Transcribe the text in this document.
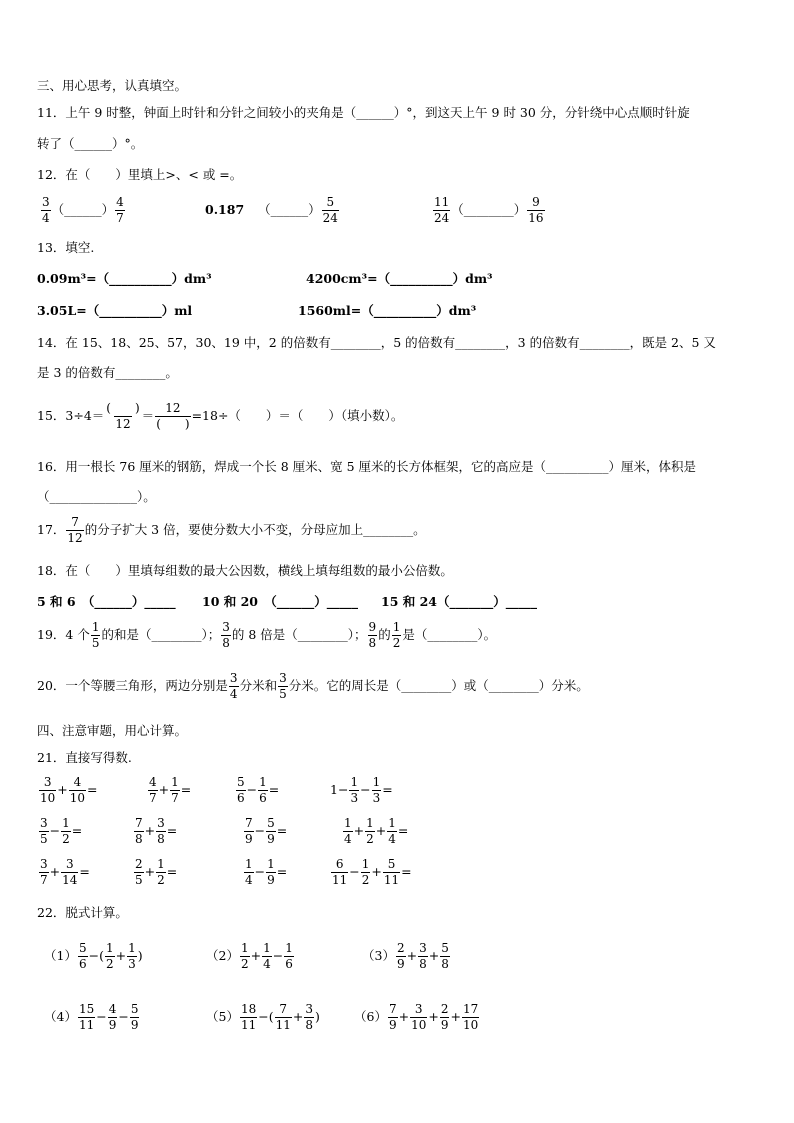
三、用心思考，认真填空。
11．上午 9 时整，钟面上时针和分针之间较小的夹角是（______）°，到这天上午 9 时 30 分，分针绕中心点顺时针旋
转了（______）°。
12．在（　　）里填上>、< 或 =。
$\frac{3}{4}$ （______） $\frac{4}{7}$	0.187 （______） $\frac{5}{24}$	$\frac{11}{24}$ （________） $\frac{9}{16}$
13．填空.
0.09m³=（__________）dm³	4200cm³=（__________）dm³
3.05L=（__________）ml	1560ml=（__________）dm³
14．在 15、18、25、57，30、19 中，2 的倍数有________，5 的倍数有________，3 的倍数有________，既是 2、5 又
是 3 的倍数有________。
15．$3\div 4= \frac{( )}{12} = \frac{12}{( )} =18\div$（　　）＝（　　）（填小数）。
16．用一根长 76 厘米的钢筋，焊成一个长 8 厘米、宽 5 厘米的长方体框架，它的高应是（__________）厘米，体积是
（______________）。
17． $\frac{7}{12}$ 的分子扩大 3 倍，要使分数大小不变，分母应加上________。
18．在（　　）里填每组数的最大公因数，横线上填每组数的最小公倍数。
5 和 6　（______）_____ 10 和 20　（______）_____ 15 和 24（_______）_____
19．4 个 $\frac{1}{5}$ 的和是（________）； $\frac{3}{8}$ 的 8 倍是（________）； $\frac{9}{8}$ 的 $\frac{1}{2}$ 是（________）。
20．一个等腰三角形，两边分别是 $\frac{3}{4}$ 分米和 $\frac{3}{5}$ 分米。它的周长是（________）或（________）分米。
四、注意审题，用心计算。
21．直接写得数.
$\frac{3}{10} + \frac{4}{10}$ =	$\frac{4}{7} + \frac{1}{7}$ =	$\frac{5}{6} - \frac{1}{6}$ =	$1- \frac{1}{3} - \frac{1}{3}$ =
$\frac{3}{5} - \frac{1}{2}$ =	$\frac{7}{8} + \frac{3}{8}$ =	$\frac{7}{9} - \frac{5}{9}$ =	$\frac{1}{4} + \frac{1}{2} + \frac{1}{4}$ =
$\frac{3}{7} + \frac{3}{14}$ =	$\frac{2}{5} + \frac{1}{2}$ =	$\frac{1}{4} - \frac{1}{9}$ =	$\frac{6}{11} - \frac{1}{2} + \frac{5}{11}$ =
22．脱式计算。
$(1) \frac{5}{6}$ −( $\frac{1}{2} + \frac{1}{3}$ )	$(2) \frac{1}{2} + \frac{1}{4} - \frac{1}{6}$	$(3) \frac{2}{9} + \frac{3}{8} + \frac{5}{8}$
$(4) \frac{15}{11} - \frac{4}{9} - \frac{5}{9}$	$(5) \frac{18}{11}$ −( $\frac{7}{11} + \frac{3}{8}$ )	$(6) \frac{7}{9} + \frac{3}{10} + \frac{2}{9} + \frac{17}{10}$
